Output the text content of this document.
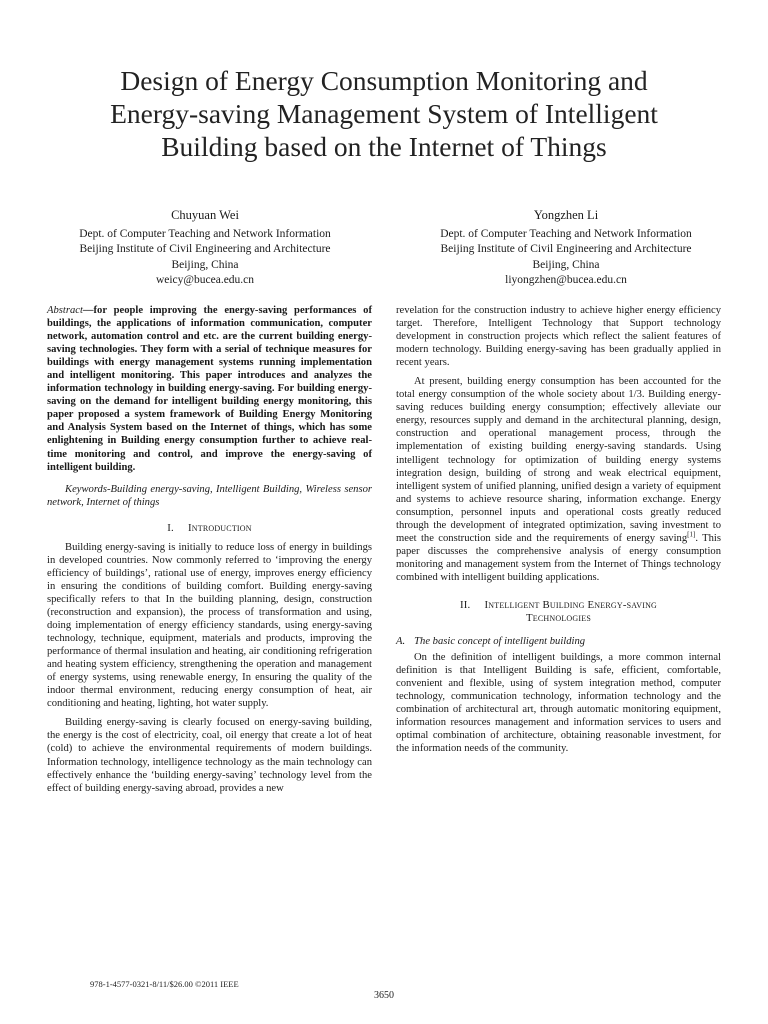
Design of Energy Consumption Monitoring and
Energy-saving Management System of Intelligent
Building based on the Internet of Things
Chuyuan Wei
Dept. of Computer Teaching and Network Information
Beijing Institute of Civil Engineering and Architecture
Beijing, China
weicy@bucea.edu.cn
Yongzhen Li
Dept. of Computer Teaching and Network Information
Beijing Institute of Civil Engineering and Architecture
Beijing, China
liyongzhen@bucea.edu.cn

Abstract—for people improving the energy-saving performances of buildings, the applications of information communication, computer network, automation control and etc. are the current building energy-saving technologies. They form with a serial of technique measures for buildings with energy management systems running implementation and intelligent monitoring. This paper introduces and analyzes the information technology in building energy-saving. For building energy-saving on the demand for intelligent building energy monitoring, this paper proposed a system framework of Building Energy Monitoring and Analysis System based on the Internet of things, which has some enlightening in Building energy consumption further to achieve real-time monitoring and control, and improve the energy-saving of intelligent building.

Keywords-Building energy-saving, Intelligent Building, Wireless sensor network, Internet of things

I. Introduction

Building energy-saving is initially to reduce loss of energy in buildings in developed countries. Now commonly referred to ‘improving the energy efficiency of buildings’, rational use of energy, improves energy efficiency in ensuring the conditions of building comfort. Building energy-saving specifically refers to that In the building planning, design, construction (reconstruction and expansion), the process of transformation and using, doing implementation of energy efficiency standards, using energy-saving technology, technique, equipment, materials and products, improving the performance of thermal insulation and heating, air conditioning refrigeration and heating system efficiency, strengthening the operation and management of energy systems, using renewable energy, In ensuring the quality of the indoor thermal environment, reducing energy consumption of heat, air conditioning and heating, lighting, hot water supply.

Building energy-saving is clearly focused on energy-saving building, the energy is the cost of electricity, coal, oil energy that create a lot of heat (cold) to achieve the environmental requirements of modern buildings. Information technology, intelligence technology as the main technology can effectively enhance the ‘building energy-saving’ technology level from the effect of building energy-saving abroad, provides a new

revelation for the construction industry to achieve higher energy efficiency target. Therefore, Intelligent Technology that Support technology development in construction projects which reflect the salient features of modern technology. Building energy-saving has been gradually applied in recent years.

At present, building energy consumption has been accounted for the total energy consumption of the whole society about 1/3. Building energy-saving reduces building energy consumption; effectively alleviate our energy, resources supply and demand in the architectural planning, design, construction and operational management process, through the implementation of existing building energy-saving standards. Using intelligent technology for optimization of building energy systems integration design, building of strong and weak electrical equipment, intelligent system of unified planning, unified design a variety of equipment and systems to achieve resource sharing, information exchange. Energy consumption, personnel inputs and operational costs greatly reduced through the development of integrated optimization, saving investment to meet the construction side and the requirements of energy saving[1]. This paper discusses the comprehensive analysis of energy consumption monitoring and management system from the Internet of Things technology combined with intelligent building applications.

II. Intelligent Building Energy-saving
Technologies

A. The basic concept of intelligent building

On the definition of intelligent buildings, a more common internal definition is that Intelligent Building is safe, efficient, comfortable, convenient and flexible, using of system integration method, computer technology, communication technology, information technology and the combination of architectural art, through automatic monitoring equipment, information resources management and information services to users and optimal combination of architecture, obtaining reasonable investment, for the information needs of the community.

978-1-4577-0321-8/11/$26.00 ©2011 IEEE
3650
